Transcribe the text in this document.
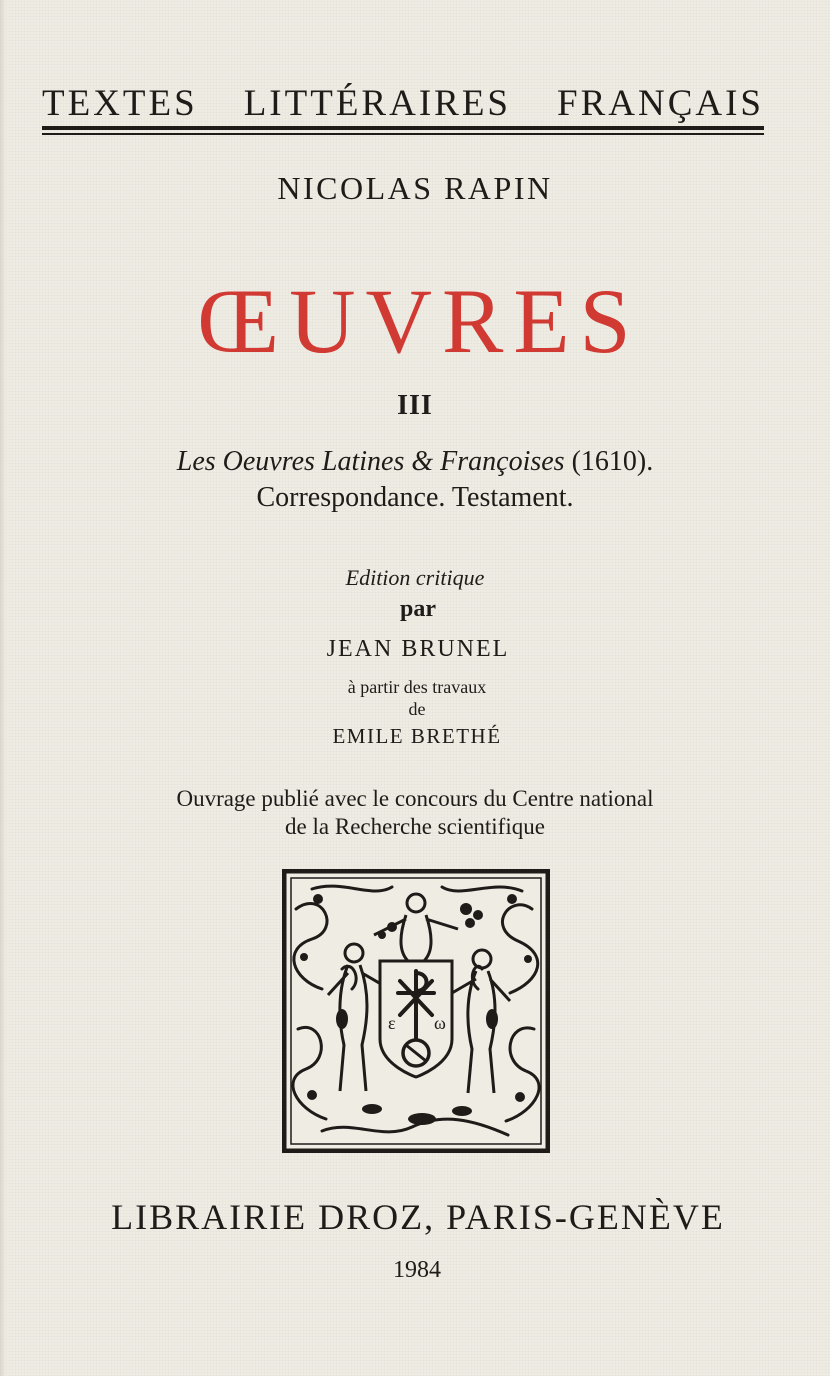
TEXTES LITTÉRAIRES FRANÇAIS
NICOLAS RAPIN
ŒUVRES
III
Les Oeuvres Latines & Françoises (1610).
Correspondance. Testament.
Edition critique
par
JEAN BRUNEL
à partir des travaux
de
EMILE BRETHÉ
Ouvrage publié avec le concours du Centre national
de la Recherche scientifique
ε ω
LIBRAIRIE DROZ, PARIS-GENÈVE
1984
